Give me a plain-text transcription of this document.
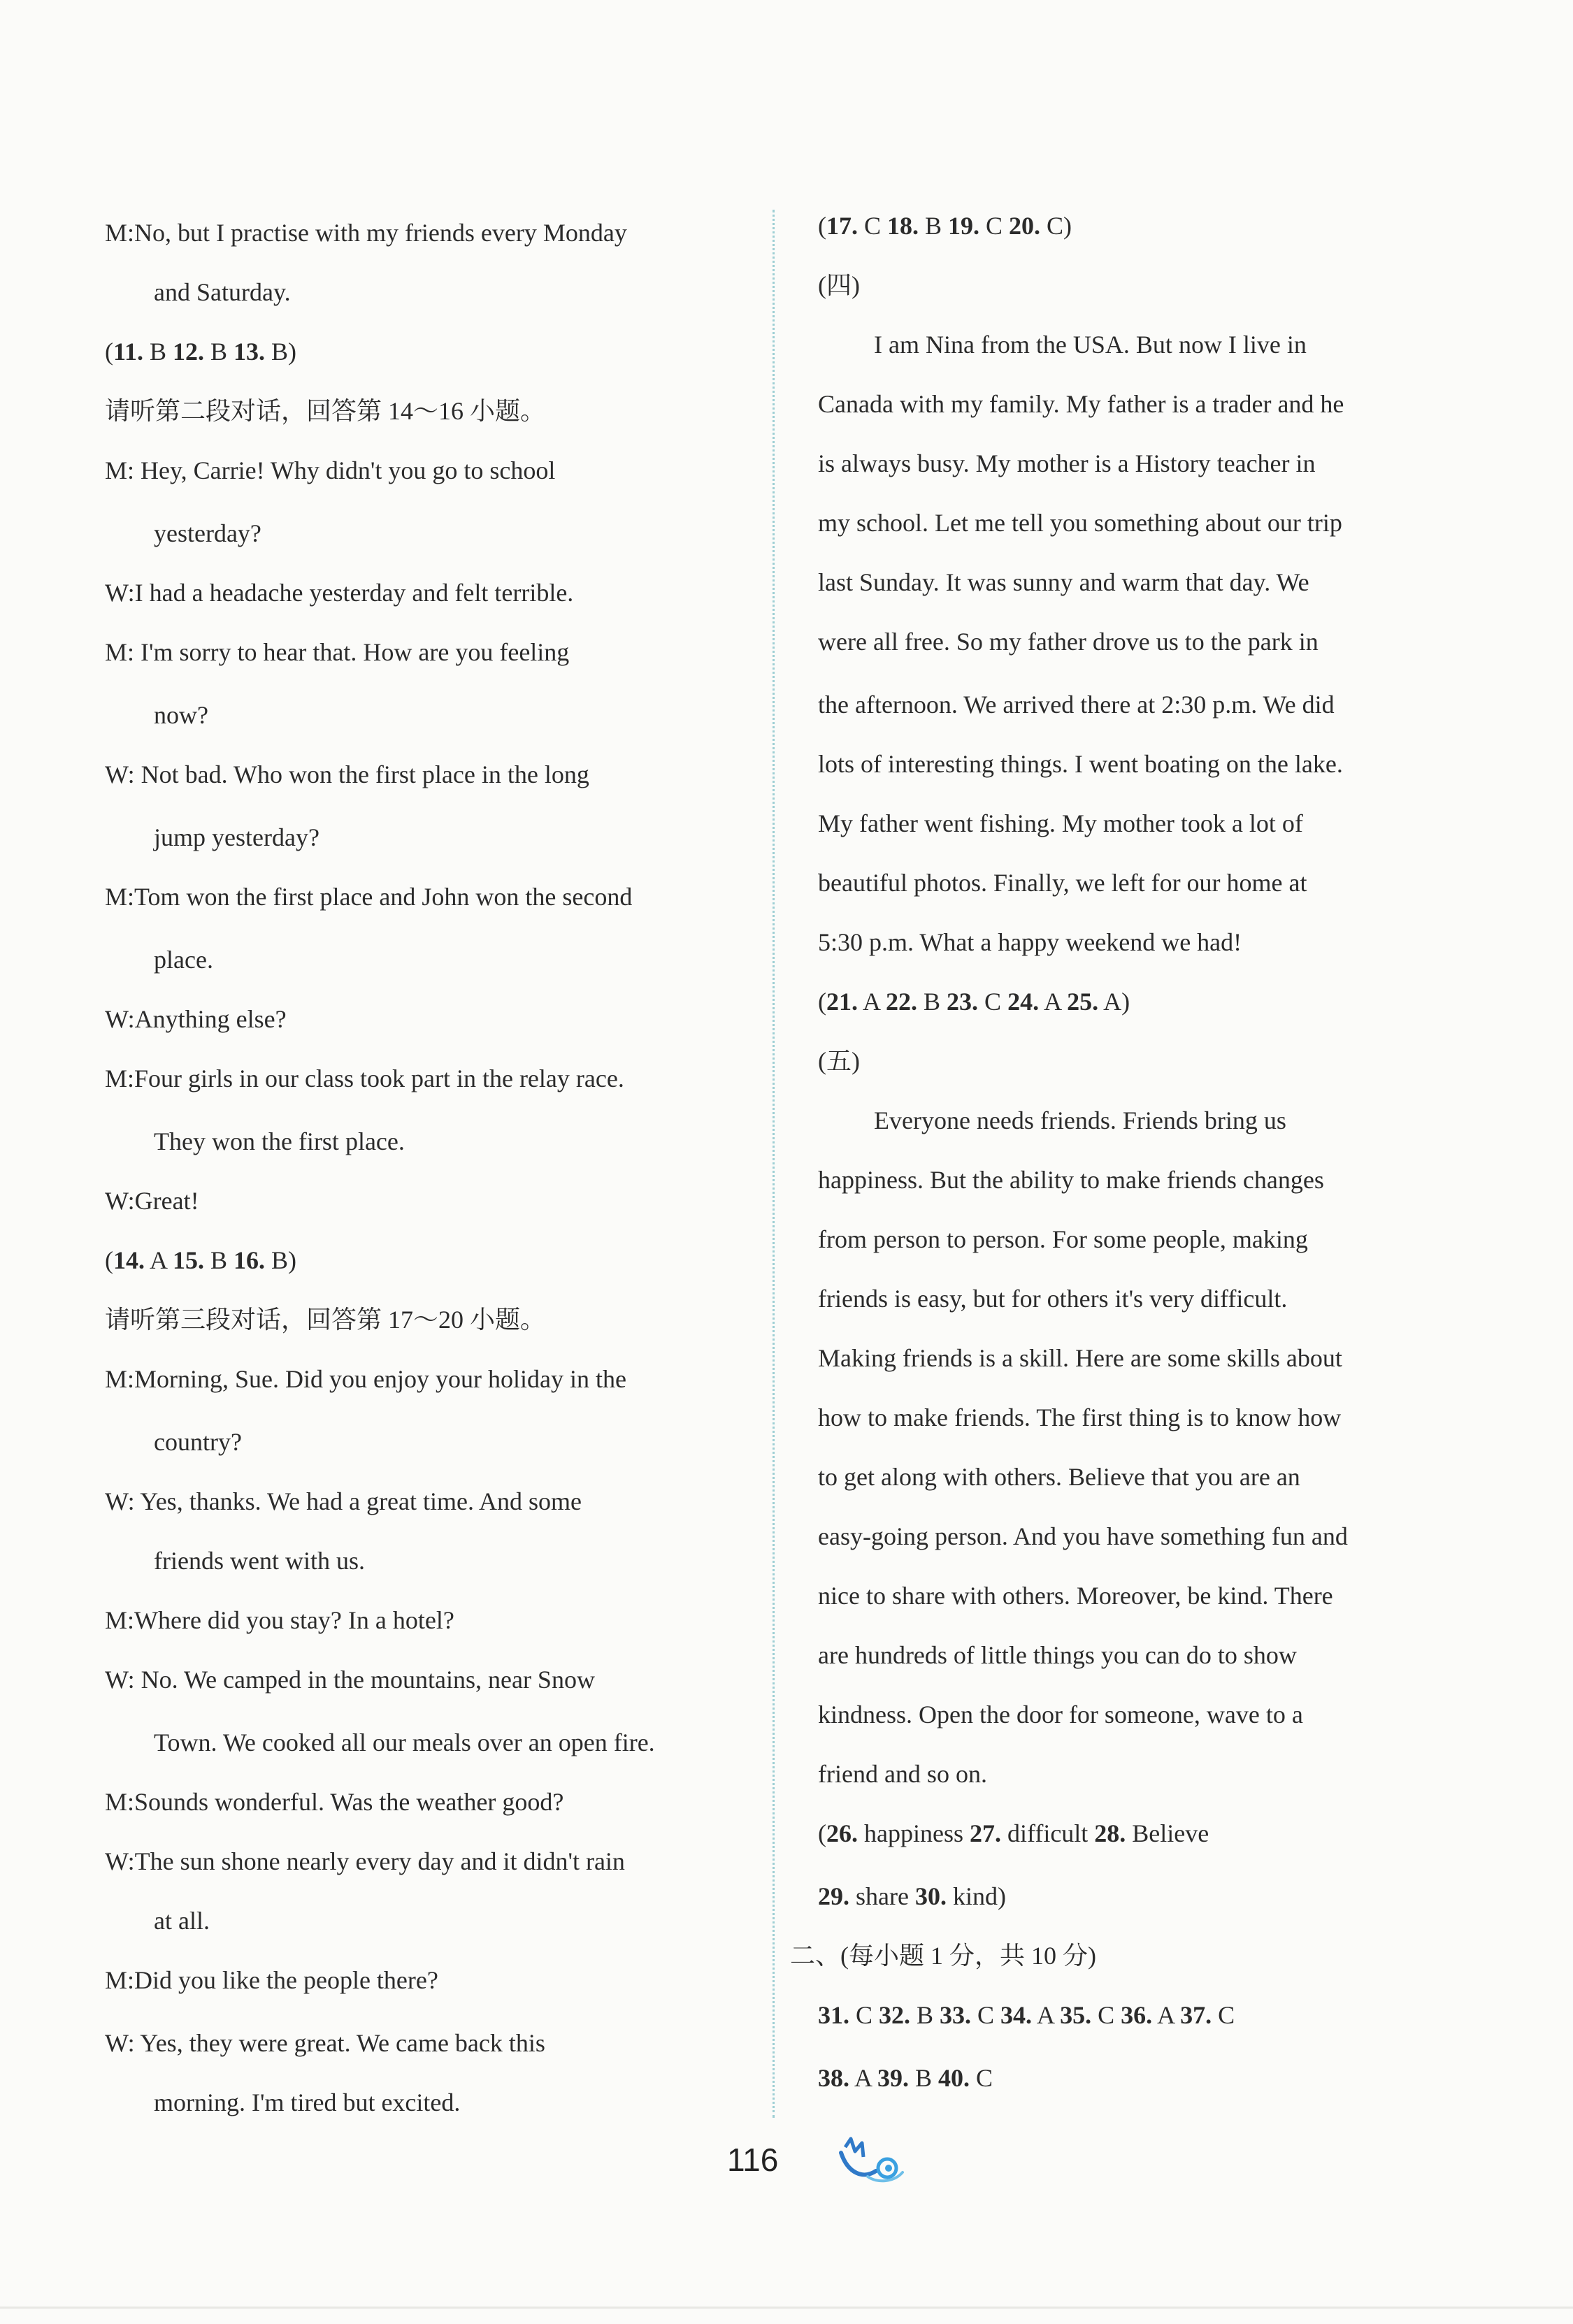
M:No, but I practise with my friends every Monday
and Saturday.
(11. B 12. B 13. B)
请听第二段对话，回答第 14～16 小题。
M: Hey, Carrie! Why didn't you go to school
yesterday?
W:I had a headache yesterday and felt terrible.
M: I'm sorry to hear that. How are you feeling
now?
W: Not bad. Who won the first place in the long
jump yesterday?
M:Tom won the first place and John won the second
place.
W:Anything else?
M:Four girls in our class took part in the relay race.
They won the first place.
W:Great!
(14. A 15. B 16. B)
请听第三段对话，回答第 17～20 小题。
M:Morning, Sue. Did you enjoy your holiday in the
country?
W: Yes, thanks. We had a great time. And some
friends went with us.
M:Where did you stay? In a hotel?
W: No. We camped in the mountains, near Snow
Town. We cooked all our meals over an open fire.
M:Sounds wonderful. Was the weather good?
W:The sun shone nearly every day and it didn't rain
at all.
M:Did you like the people there?
W: Yes, they were great. We came back this
morning. I'm tired but excited.
(17. C 18. B 19. C 20. C)
(四)
I am Nina from the USA. But now I live in
Canada with my family. My father is a trader and he
is always busy. My mother is a History teacher in
my school. Let me tell you something about our trip
last Sunday. It was sunny and warm that day. We
were all free. So my father drove us to the park in
the afternoon. We arrived there at 2:30 p.m. We did
lots of interesting things. I went boating on the lake.
My father went fishing. My mother took a lot of
beautiful photos. Finally, we left for our home at
5:30 p.m. What a happy weekend we had!
(21. A 22. B 23. C 24. A 25. A)
(五)
Everyone needs friends. Friends bring us
happiness. But the ability to make friends changes
from person to person. For some people, making
friends is easy, but for others it's very difficult.
Making friends is a skill. Here are some skills about
how to make friends. The first thing is to know how
to get along with others. Believe that you are an
easy-going person. And you have something fun and
nice to share with others. Moreover, be kind. There
are hundreds of little things you can do to show
kindness. Open the door for someone, wave to a
friend and so on.
(26. happiness 27. difficult 28. Believe
29. share 30. kind)
二、(每小题 1 分，共 10 分)
31. C 32. B 33. C 34. A 35. C 36. A 37. C
38. A 39. B 40. C
116
